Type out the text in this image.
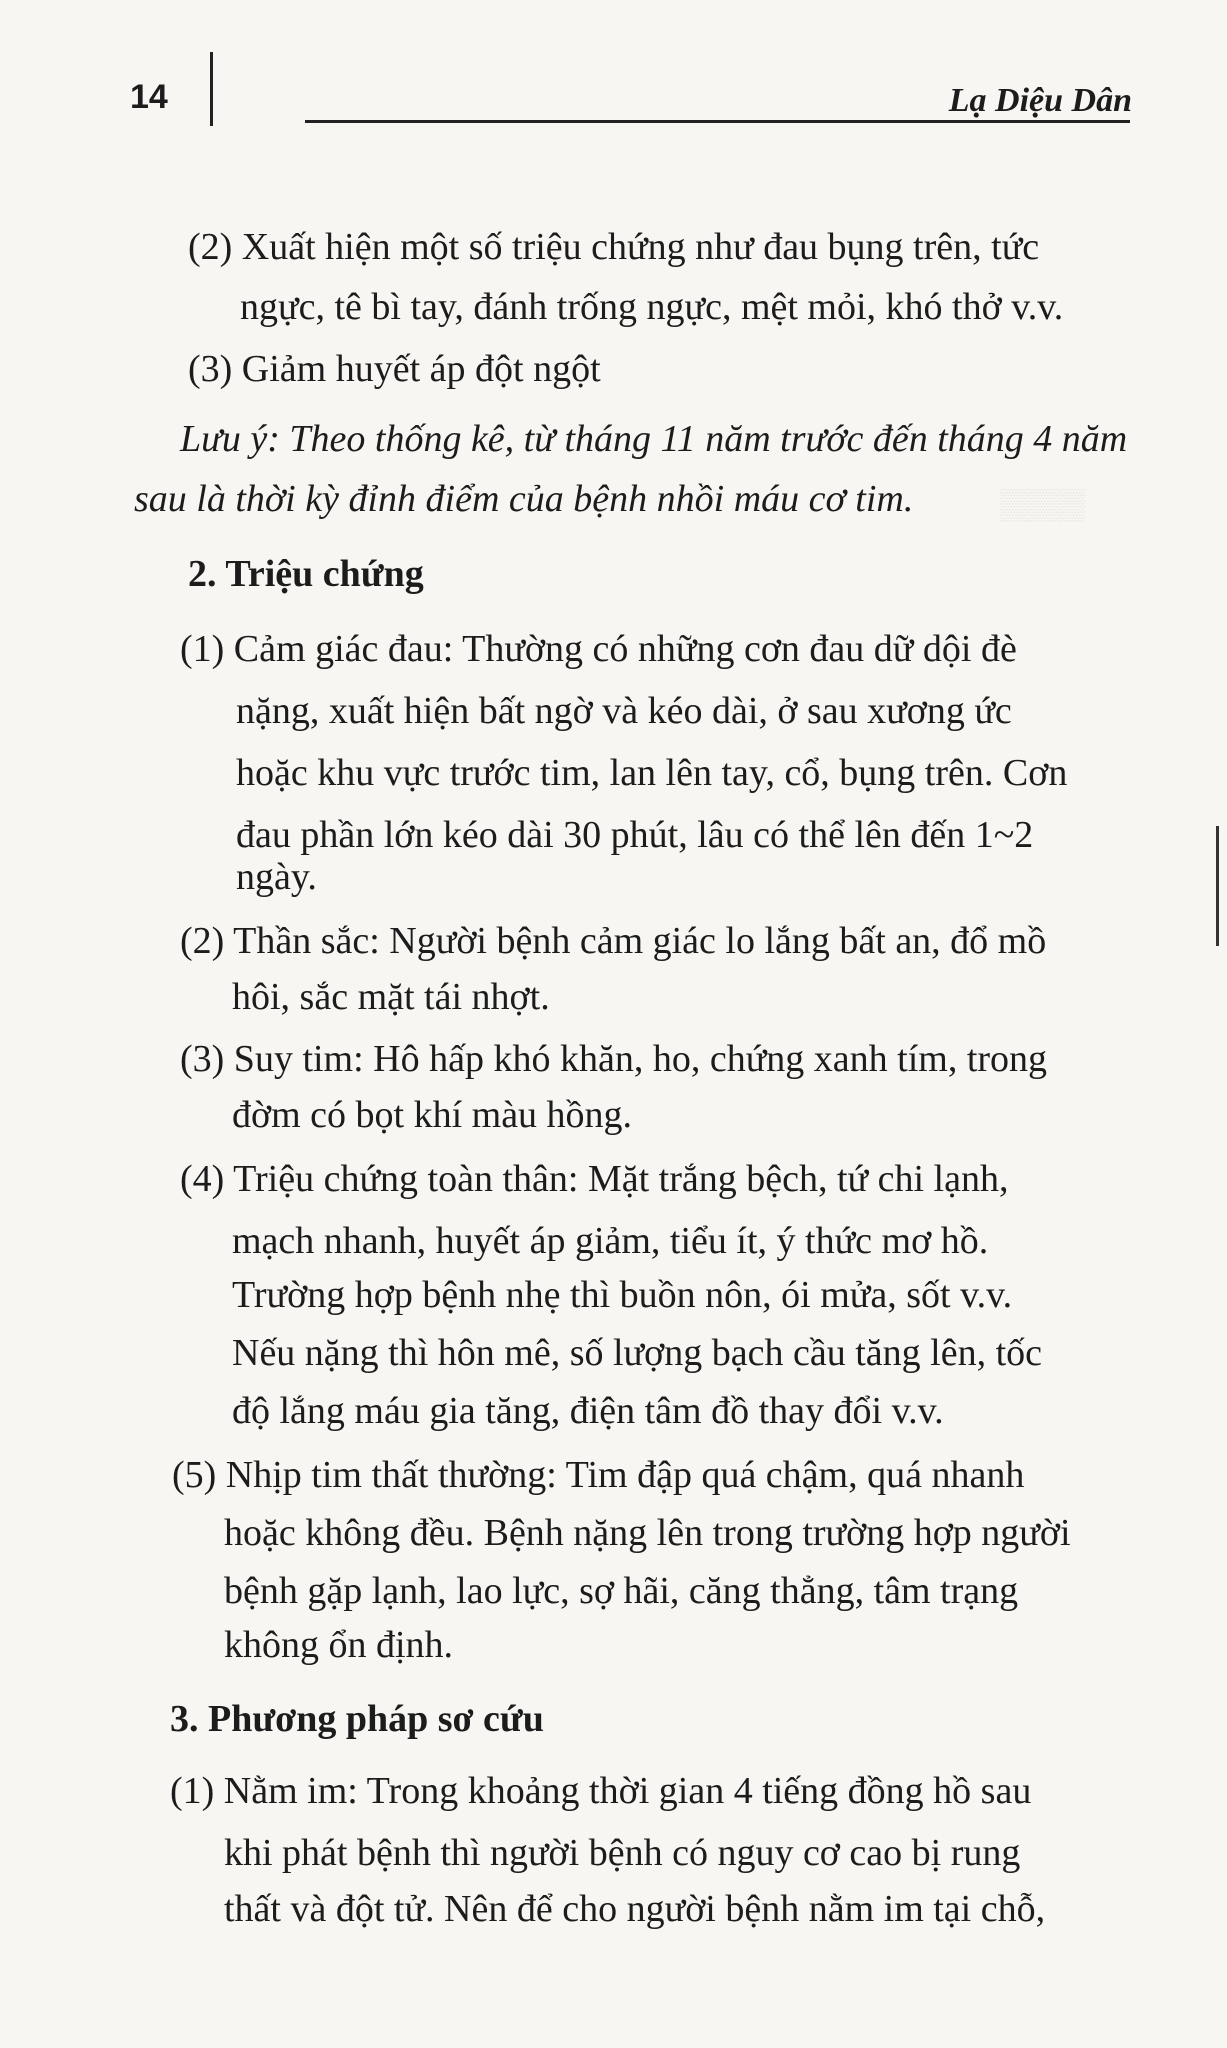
▒▒▒▒
14	Lạ Diệu Dân
(2) Xuất hiện một số triệu chứng như đau bụng trên, tức
ngực, tê bì tay, đánh trống ngực, mệt mỏi, khó thở v.v.
(3) Giảm huyết áp đột ngột
Lưu ý: Theo thống kê, từ tháng 11 năm trước đến tháng 4 năm
sau là thời kỳ đỉnh điểm của bệnh nhồi máu cơ tim.
2. Triệu chứng
(1) Cảm giác đau: Thường có những cơn đau dữ dội đè
nặng, xuất hiện bất ngờ và kéo dài, ở sau xương ức
hoặc khu vực trước tim, lan lên tay, cổ, bụng trên. Cơn
đau phần lớn kéo dài 30 phút, lâu có thể lên đến 1~2
ngày.
(2) Thần sắc: Người bệnh cảm giác lo lắng bất an, đổ mồ
hôi, sắc mặt tái nhợt.
(3) Suy tim: Hô hấp khó khăn, ho, chứng xanh tím, trong
đờm có bọt khí màu hồng.
(4) Triệu chứng toàn thân: Mặt trắng bệch, tứ chi lạnh,
mạch nhanh, huyết áp giảm, tiểu ít, ý thức mơ hồ.
Trường hợp bệnh nhẹ thì buồn nôn, ói mửa, sốt v.v.
Nếu nặng thì hôn mê, số lượng bạch cầu tăng lên, tốc
độ lắng máu gia tăng, điện tâm đồ thay đổi v.v.
(5) Nhịp tim thất thường: Tim đập quá chậm, quá nhanh
hoặc không đều. Bệnh nặng lên trong trường hợp người
bệnh gặp lạnh, lao lực, sợ hãi, căng thẳng, tâm trạng
không ổn định.
3. Phương pháp sơ cứu
(1) Nằm im: Trong khoảng thời gian 4 tiếng đồng hồ sau
khi phát bệnh thì người bệnh có nguy cơ cao bị rung
thất và đột tử. Nên để cho người bệnh nằm im tại chỗ,
